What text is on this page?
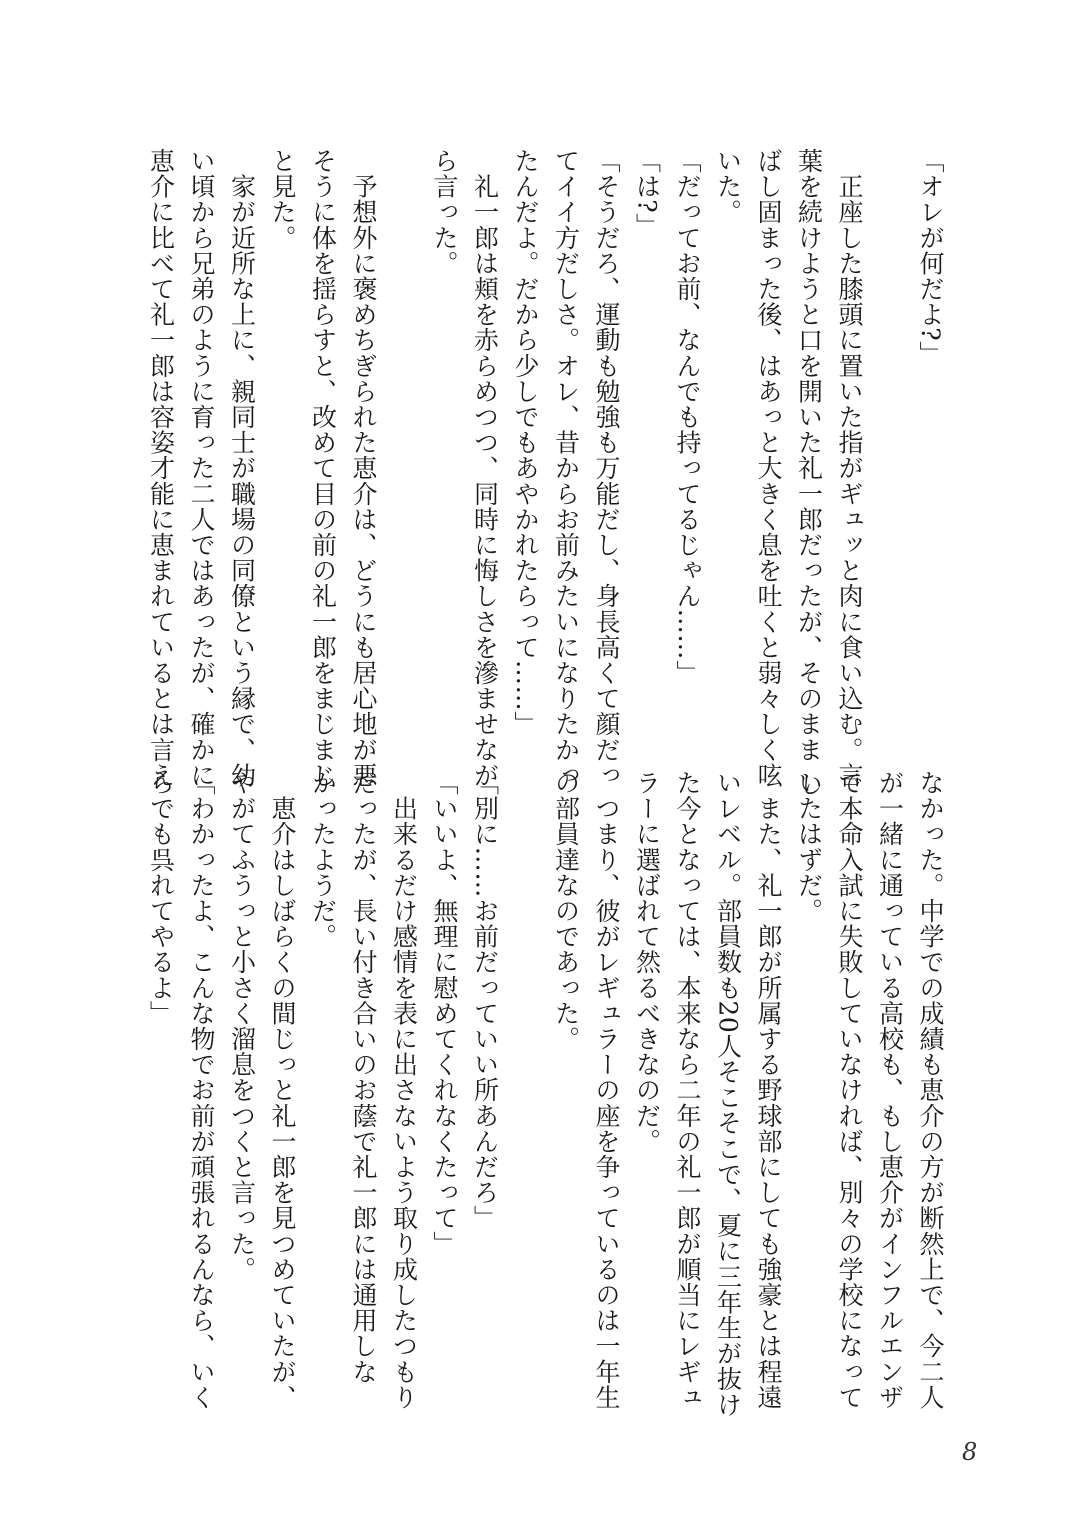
「オレが何だよ?」
　正座した膝頭に置いた指がギュッと肉に食い込む。言
葉を続けようと口を開いた礼一郎だったが、そのまま し
ばし固まった後、はあっと大きく息を吐くと弱々しく呟
いた。
「だってお前、なんでも持ってるじゃん……」
「は?」
「そうだろ、運動も勉強も万能だし、身長高くて顔だっ
てイイ方だしさ。オレ、昔からお前みたいになりたかっ
たんだよ。だから少しでもあやかれたらって……」
　礼一郎は頬を赤らめつつ、同時に悔しさを滲ませなが
ら言った。
　予想外に褒めちぎられた恵介は、どうにも居心地が悪
そうに体を揺らすと、改めて目の前の礼一郎をまじまじ
と見た。
　家が近所な上に、親同士が職場の同僚という縁で、幼
い頃から兄弟のように育った二人ではあったが、確かに
恵介に比べて礼一郎は容姿才能に恵まれているとは言え
なかった。中学での成績も恵介の方が断然上で、今二人
が一緒に通っている高校も、もし恵介がインフルエンザ
で本命入試に失敗していなければ、別々の学校になって
いたはずだ。
　また、礼一郎が所属する野球部にしても強豪とは程遠
いレベル。部員数も20人そこそこで、夏に三年生が抜け
た今となっては、本来なら二年の礼一郎が順当にレギュ
ラーに選ばれて然るべきなのだ。
　つまり、彼がレギュラーの座を争っているのは一年生
の部員達なのであった。
「別に……お前だっていい所あんだろ」
「いいよ、無理に慰めてくれなくたって」
　出来るだけ感情を表に出さないよう取り成したつもり
だったが、長い付き合いのお蔭で礼一郎には通用しな
かったようだ。
　恵介はしばらくの間じっと礼一郎を見つめていたが、
やがてふうっと小さく溜息をつくと言った。
「わかったよ、こんな物でお前が頑張れるんなら、いく
らでも呉れてやるよ」
8
